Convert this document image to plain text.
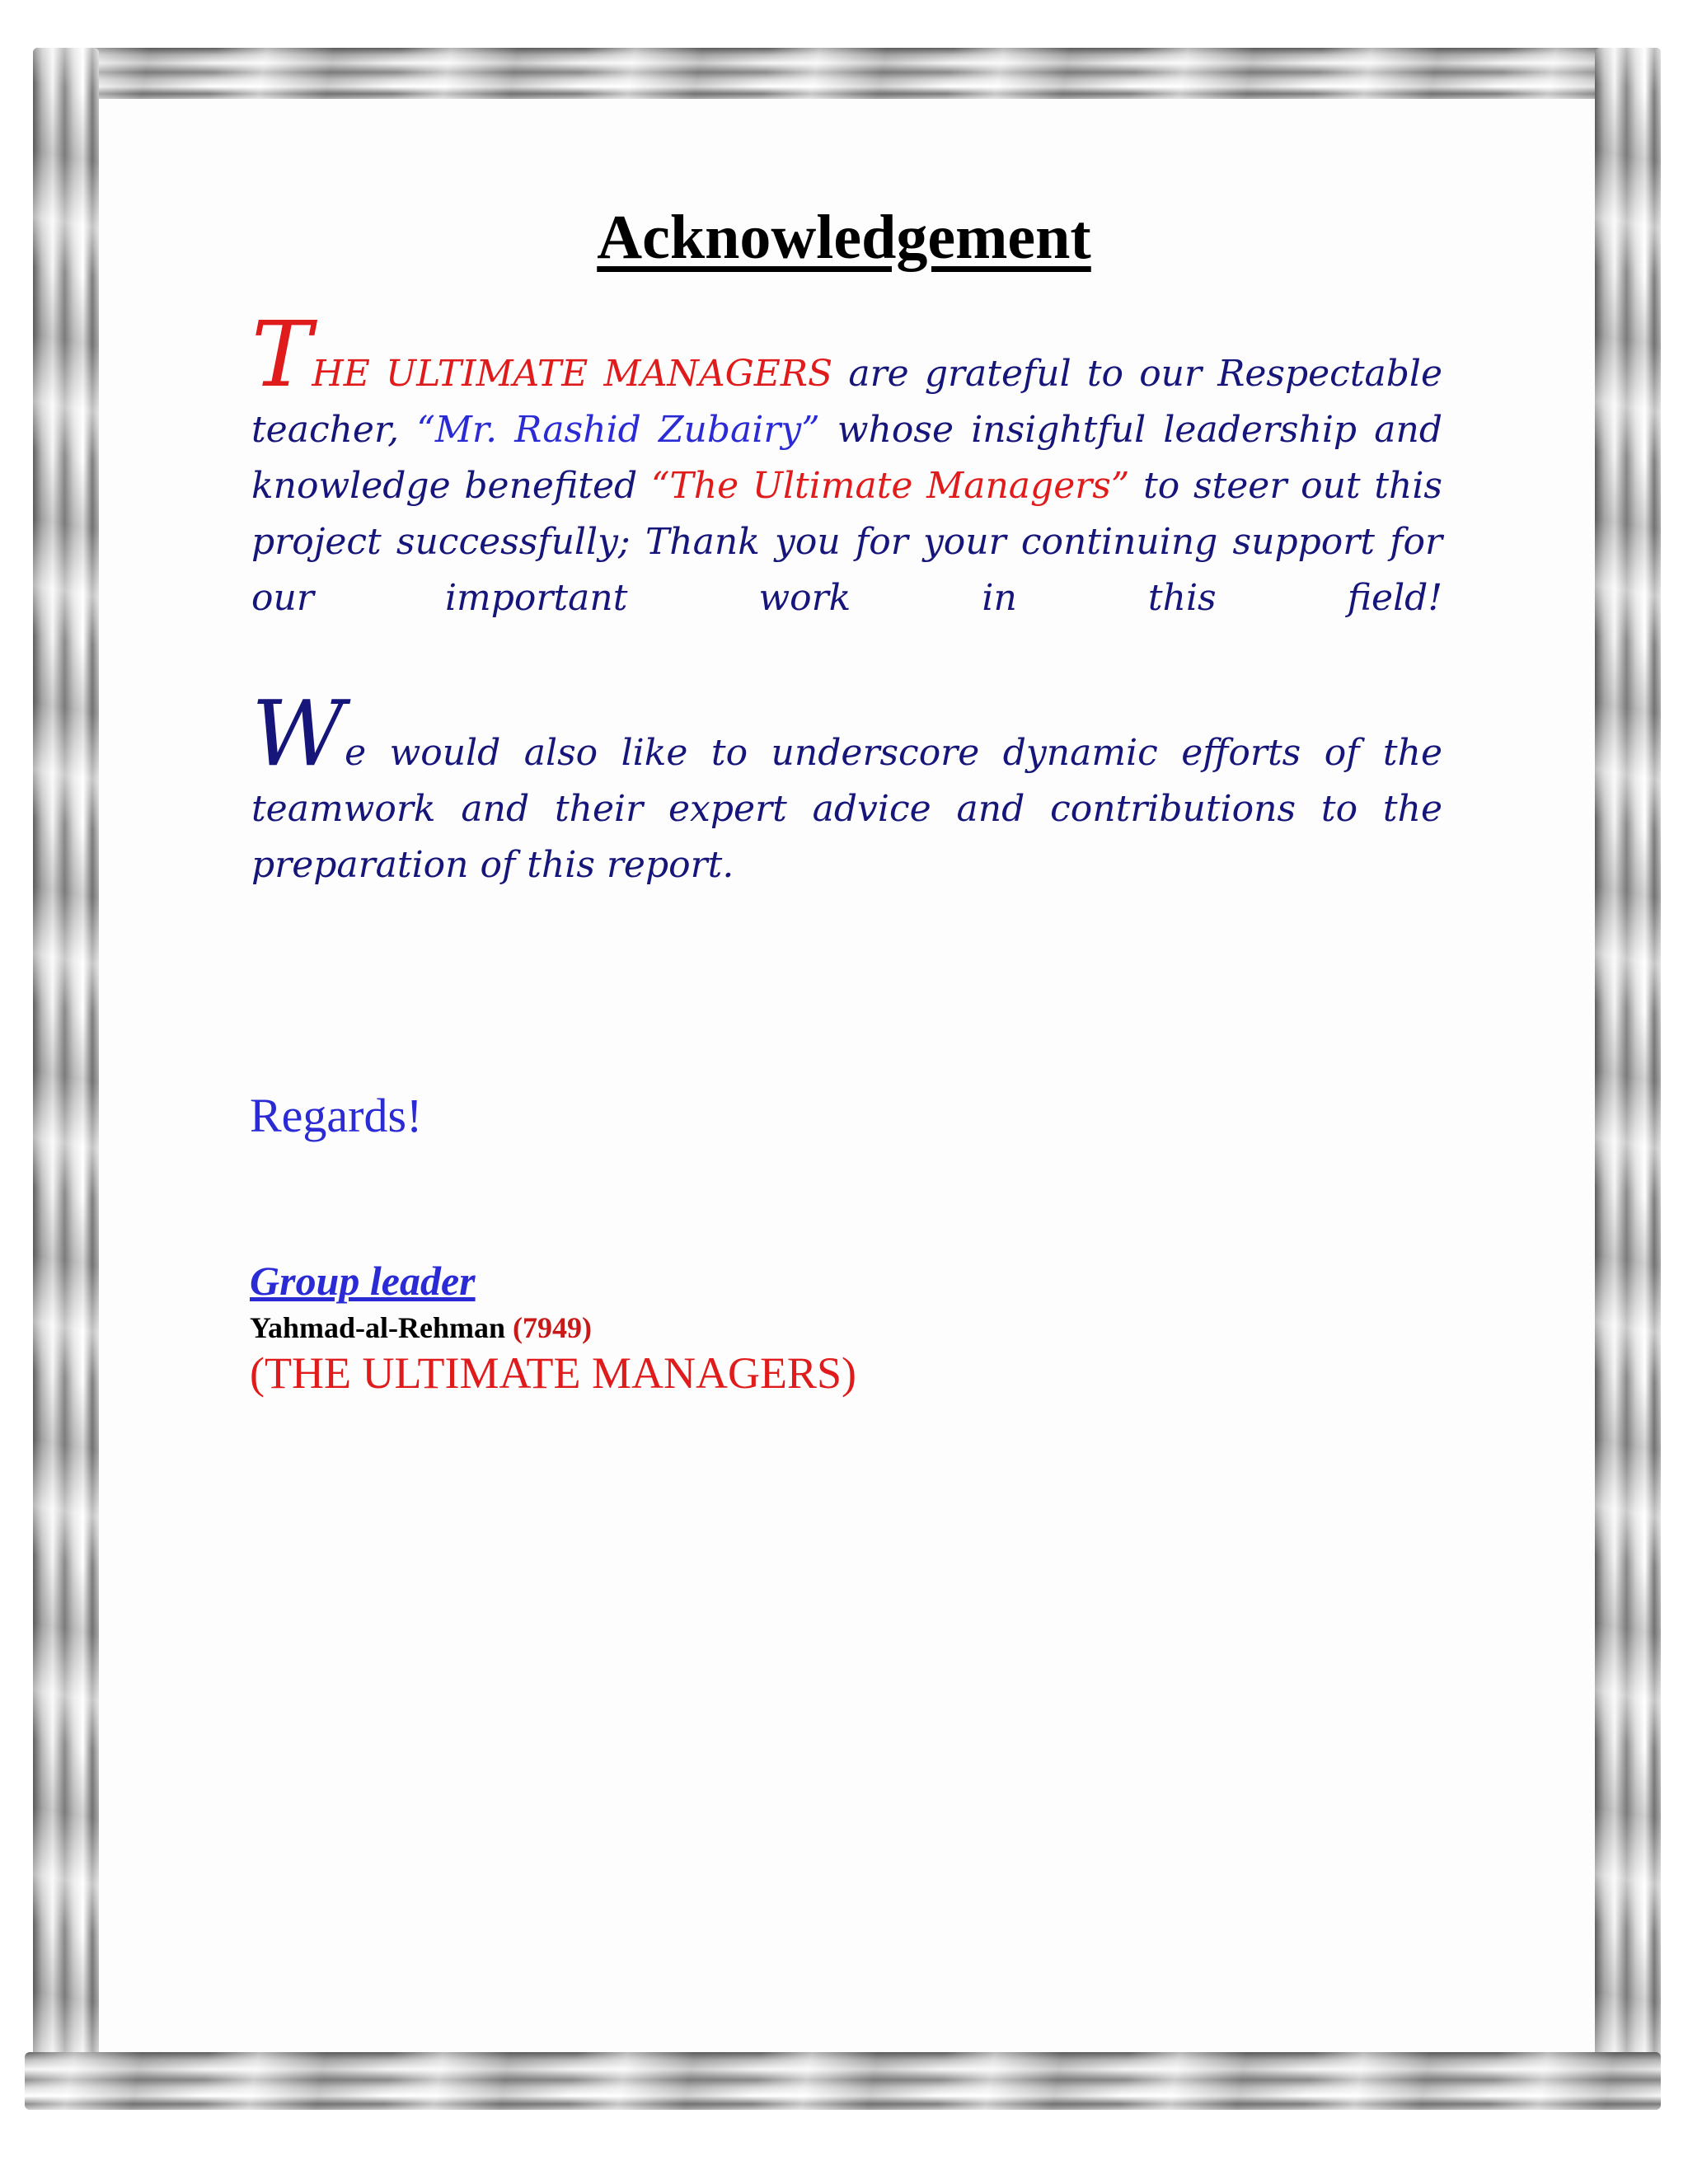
Acknowledgement
THE ULTIMATE MANAGERS are grateful to our Respectable teacher, “Mr. Rashid Zubairy” whose insightful leadership and knowledge benefited “The Ultimate Managers” to steer out this project successfully; Thank you for your continuing support for our important work in this field!
We would also like to underscore dynamic efforts of the teamwork and their expert advice and contributions to the preparation of this report.
Regards!
Group leader
Yahmad-al-Rehman (7949)
(THE ULTIMATE MANAGERS)
